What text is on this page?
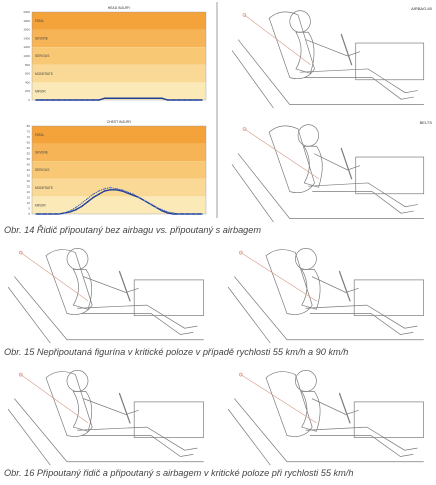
HEAD INJURY
FATAL
SEVERE
SERIOUS
MODERATE
MINOR
0
200
400
600
800
1000
1200
1400
1600
1800
2000
CHEST INJURY
FATAL
SEVERE
SERIOUS
MODERATE
MINOR
0
5
10
15
20
25
30
35
40
45
50
55
60
65
70
75
80
AIRBAG-60
BELTS
Obr. 14 Řidič připoutaný bez airbagu vs. připoutaný s airbagem
Obr. 15 Nepřipoutaná figurína v kritické poloze v případě rychlosti 55 km/h a 90 km/h
Obr. 16 Připoutaný řidič a připoutaný s airbagem v kritické poloze při rychlosti 55 km/h
